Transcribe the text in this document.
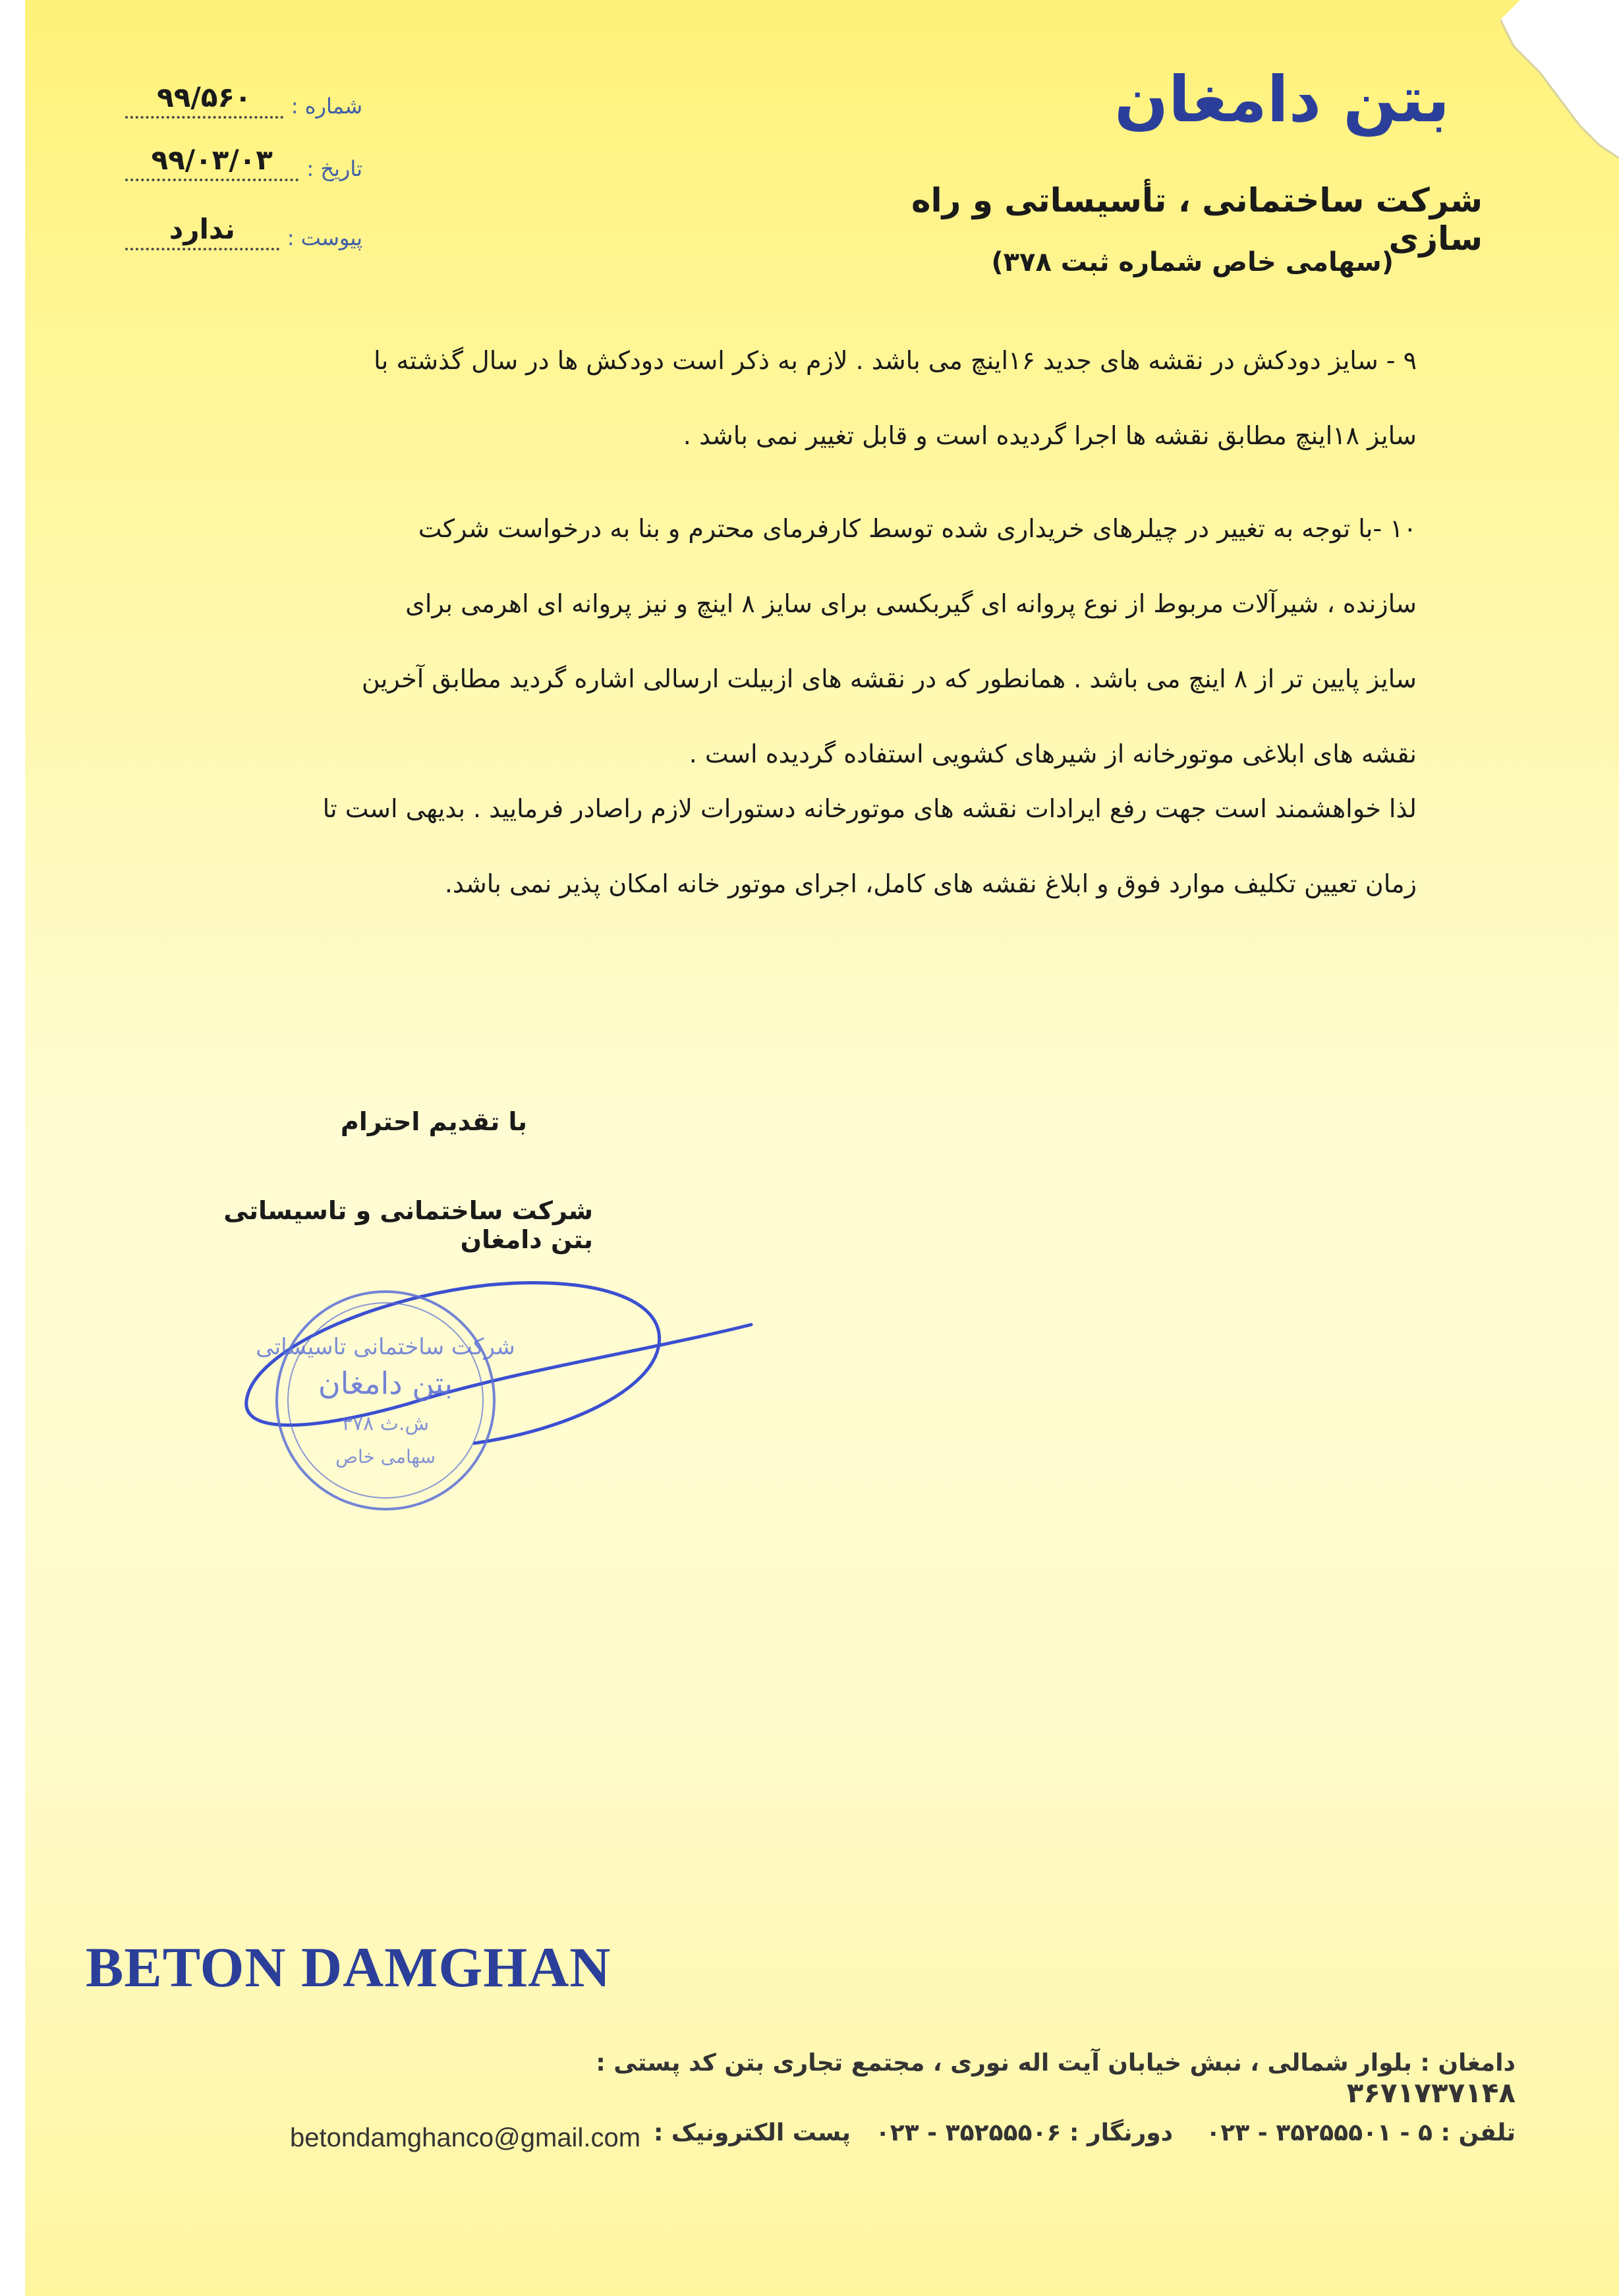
شماره :
۹۹/۵۶۰
تاریخ :
۹۹/۰۳/۰۳
پیوست :
ندارد
بتن دامغان
شرکت ساختمانی ، تأسیساتی و راه سازی
(سهامی خاص شماره ثبت ۳۷۸)
۹ - سایز دودکش در نقشه های جدید ۱۶اینچ می باشد . لازم به ذکر است دودکش ها در سال گذشته با
سایز ۱۸اینچ مطابق نقشه ها اجرا گردیده است و قابل تغییر نمی باشد .
۱۰ -با توجه به تغییر در چیلرهای خریداری شده توسط کارفرمای محترم و بنا به درخواست شرکت
سازنده ، شیرآلات مربوط از نوع پروانه ای گیربکسی برای سایز ۸ اینچ و نیز پروانه ای اهرمی برای
سایز پایین تر از ۸ اینچ می باشد . همانطور که در نقشه های ازبیلت ارسالی اشاره گردید مطابق آخرین
نقشه های ابلاغی موتورخانه از شیرهای کشویی استفاده گردیده است .
لذا خواهشمند است جهت رفع ایرادات نقشه های موتورخانه دستورات لازم راصادر فرمایید . بدیهی است تا
زمان تعیین تکلیف موارد فوق و ابلاغ نقشه های کامل، اجرای موتور خانه امکان پذیر نمی باشد.
با تقدیم احترام
شرکت ساختمانی و تاسیساتی بتن دامغان
شرکت ساختمانی تاسیساتی
بتن دامغان
۳۷۸ ش.ث
سهامی خاص
BETON DAMGHAN
دامغان : بلوار شمالی ، نبش خیابان آیت اله نوری ، مجتمع تجاری بتن کد پستی : ۳۶۷۱۷۳۷۱۴۸
تلفن : ۵ - ۳۵۲۵۵۵۰۱ - ۰۲۳    دورنگار : ۳۵۲۵۵۵۰۶ - ۰۲۳   پست الکترونیک :
betondamghanco@gmail.com
